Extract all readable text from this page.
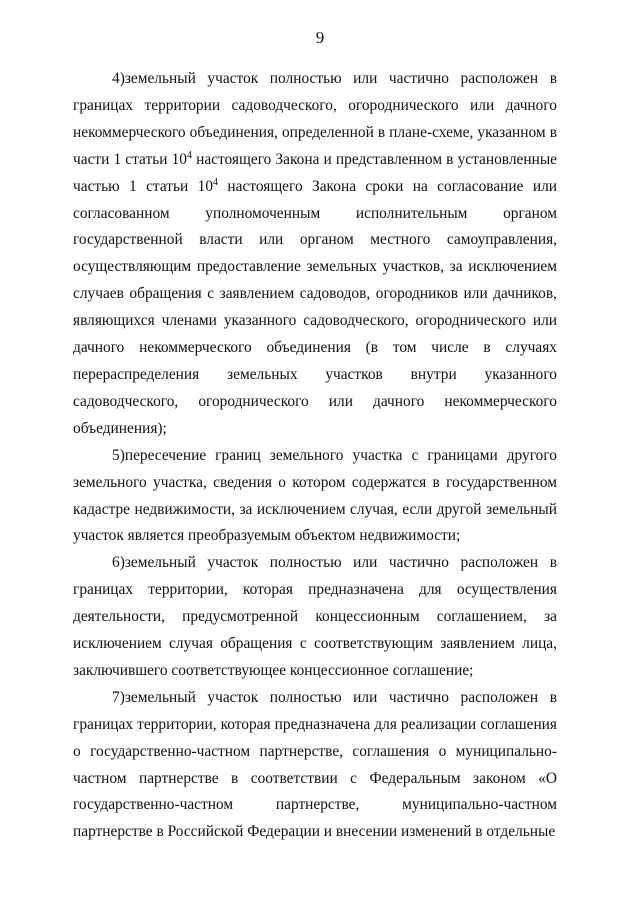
9

4)земельный участок полностью или частично расположен в границах территории садоводческого, огороднического или дачного некоммерческого объединения, определенной в плане-схеме, указанном в части 1 статьи $10^4$ настоящего Закона и представленном в установленные частью 1 статьи $10^4$ настоящего Закона сроки на согласование или согласованном уполномоченным исполнительным органом государственной власти или органом местного самоуправления, осуществляющим предоставление земельных участков, за исключением случаев обращения с заявлением садоводов, огородников или дачников, являющихся членами указанного садоводческого, огороднического или дачного некоммерческого объединения (в том числе в случаях перераспределения земельных участков внутри указанного садоводческого, огороднического или дачного некоммерческого объединения);

5)пересечение границ земельного участка с границами другого земельного участка, сведения о котором содержатся в государственном кадастре недвижимости, за исключением случая, если другой земельный участок является преобразуемым объектом недвижимости;

6)земельный участок полностью или частично расположен в границах территории, которая предназначена для осуществления деятельности, предусмотренной концессионным соглашением, за исключением случая обращения с соответствующим заявлением лица, заключившего соответствующее концессионное соглашение;

7)земельный участок полностью или частично расположен в границах территории, которая предназначена для реализации соглашения о государственно-частном партнерстве, соглашения о муниципально-частном партнерстве в соответствии с Федеральным законом «О государственно-частном партнерстве, муниципально-частном партнерстве в Российской Федерации и внесении изменений в отдельные
